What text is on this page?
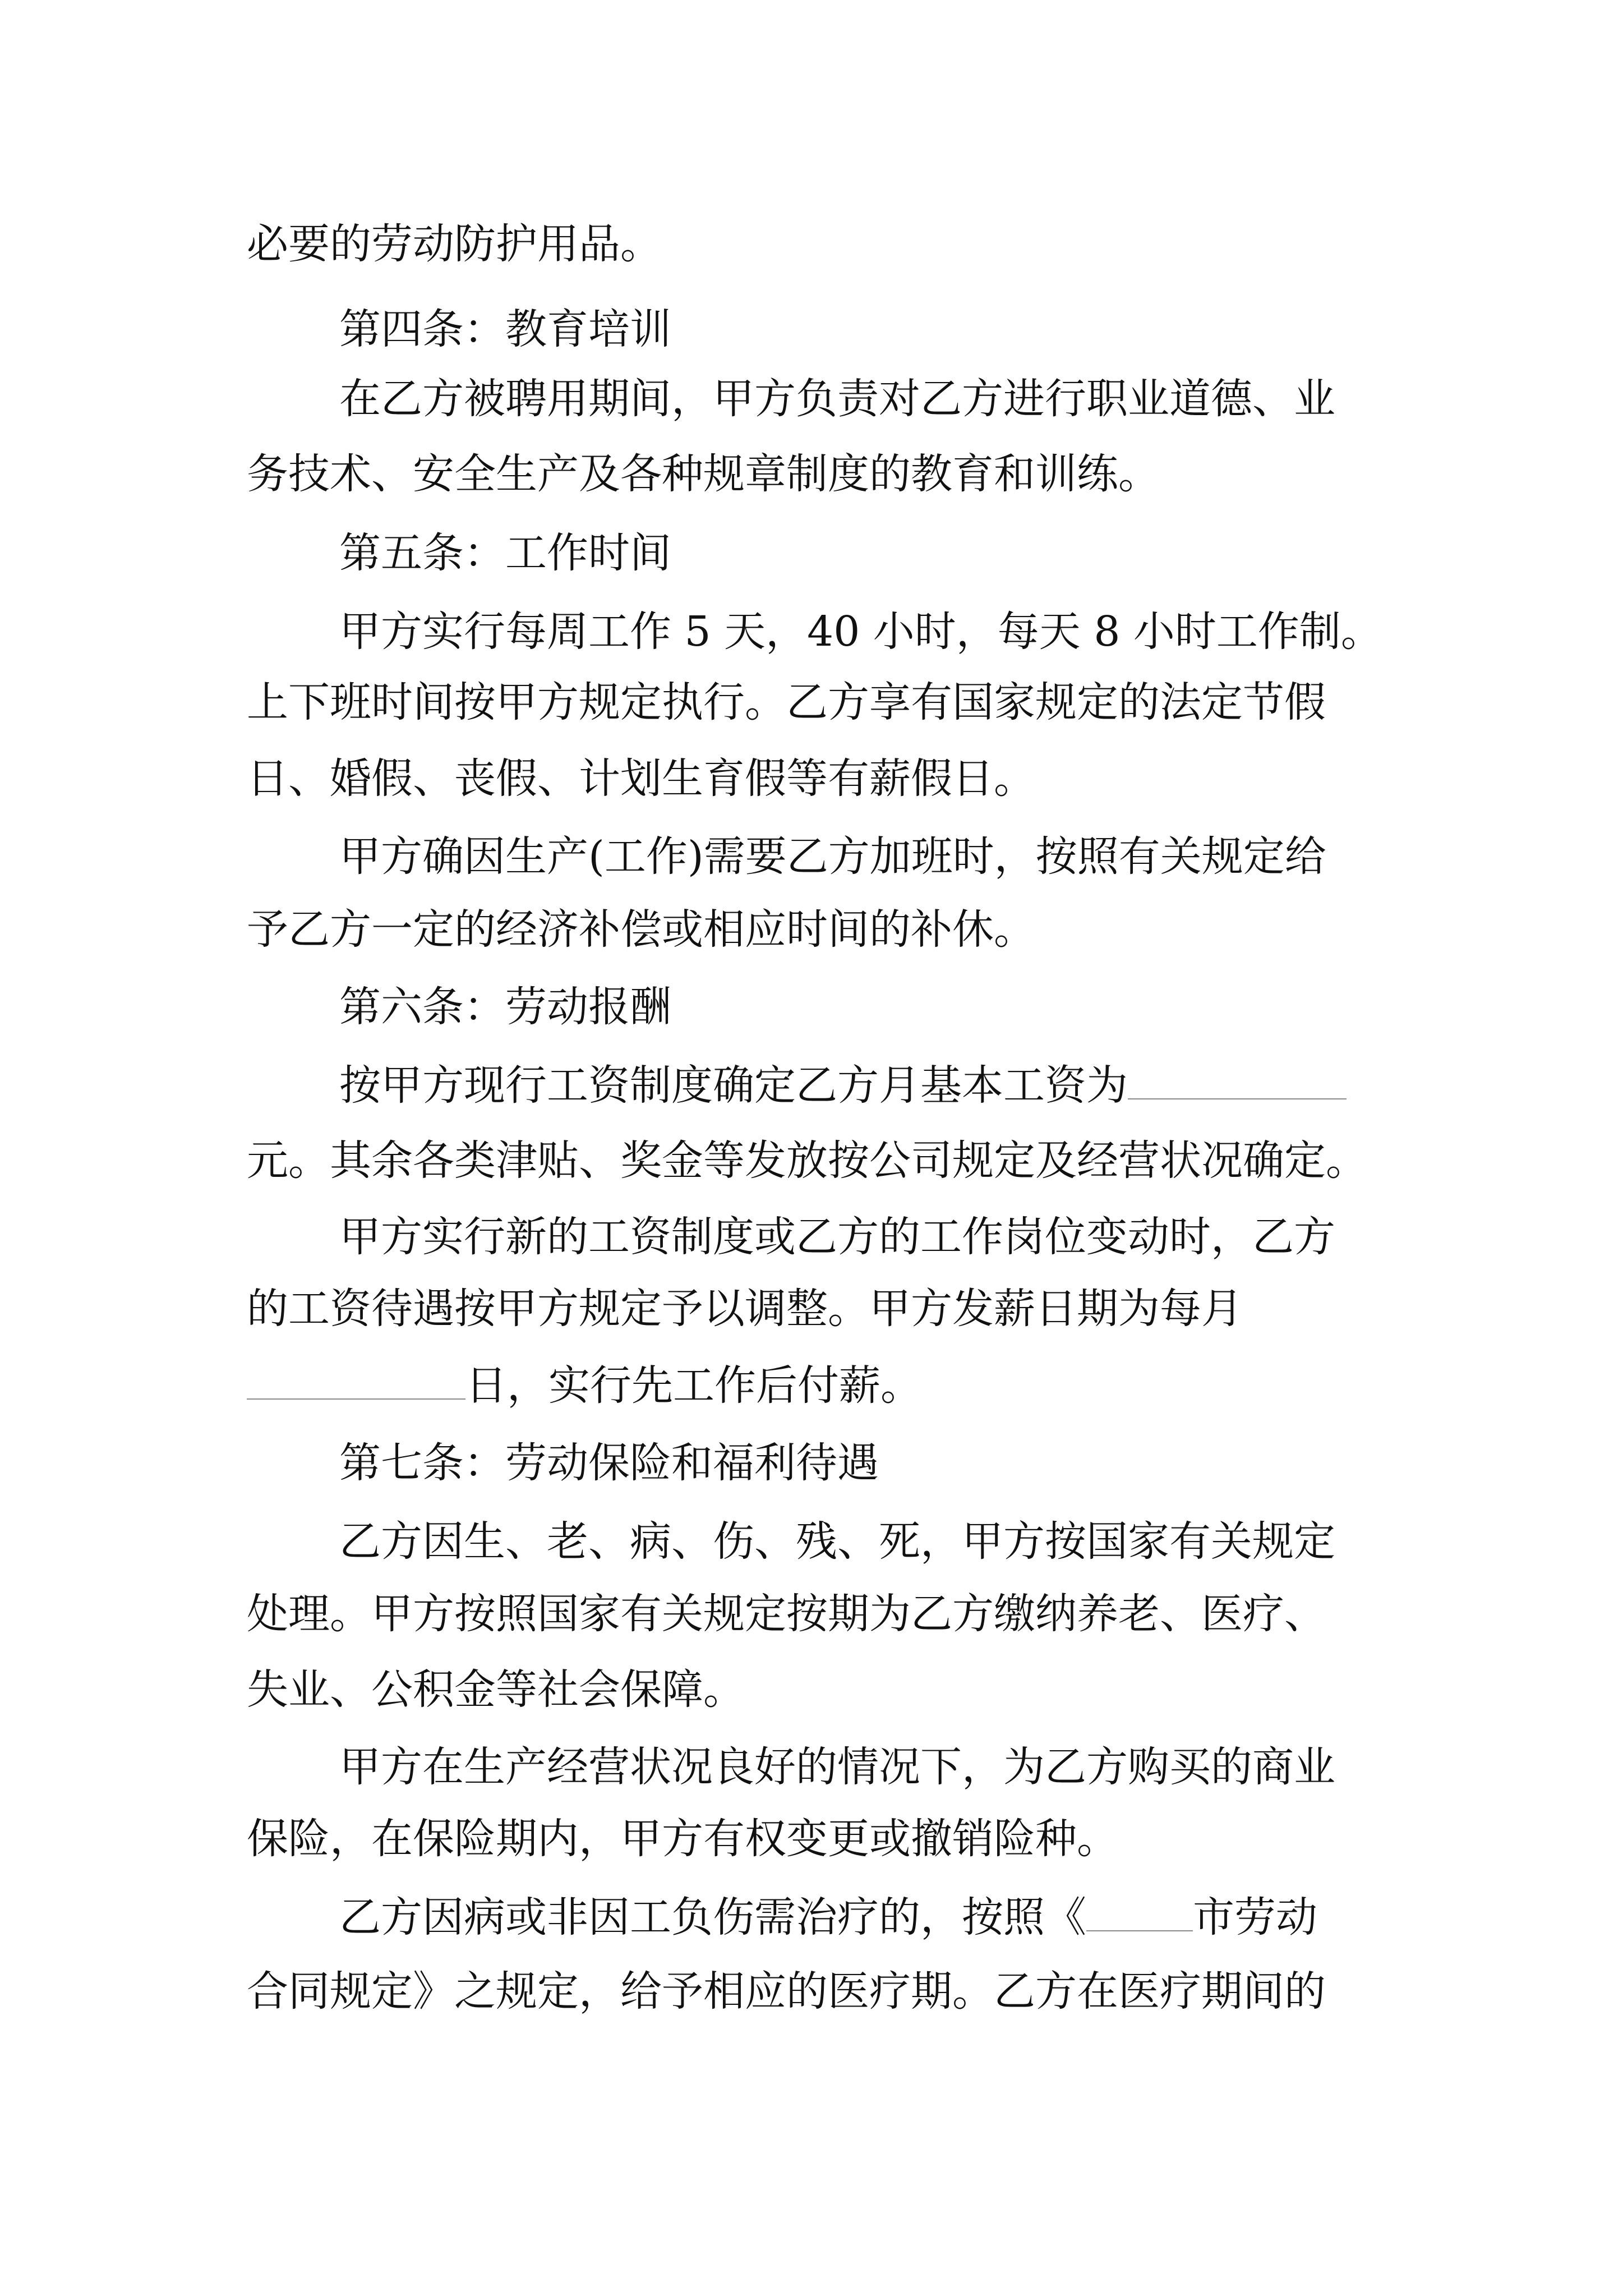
必要的劳动防护用品。
第四条：教育培训
在乙方被聘用期间，甲方负责对乙方进行职业道德、业
务技术、安全生产及各种规章制度的教育和训练。
第五条：工作时间
甲方实行每周工作 5 天，40 小时，每天 8 小时工作制。
上下班时间按甲方规定执行。乙方享有国家规定的法定节假
日、婚假、丧假、计划生育假等有薪假日。
甲方确因生产(工作)需要乙方加班时，按照有关规定给
予乙方一定的经济补偿或相应时间的补休。
第六条：劳动报酬
按甲方现行工资制度确定乙方月基本工资为
元。其余各类津贴、奖金等发放按公司规定及经营状况确定。
甲方实行新的工资制度或乙方的工作岗位变动时，乙方
的工资待遇按甲方规定予以调整。甲方发薪日期为每月
日，实行先工作后付薪。
第七条：劳动保险和福利待遇
乙方因生、老、病、伤、残、死，甲方按国家有关规定
处理。甲方按照国家有关规定按期为乙方缴纳养老、医疗、
失业、公积金等社会保障。
甲方在生产经营状况良好的情况下，为乙方购买的商业
保险，在保险期内，甲方有权变更或撤销险种。
乙方因病或非因工负伤需治疗的，按照《	市劳动
合同规定》之规定，给予相应的医疗期。乙方在医疗期间的
